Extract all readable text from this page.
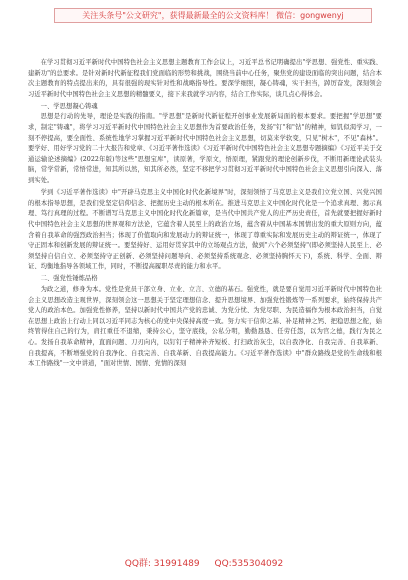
关注头条号"公文研究"，获得最新最全的公文资料库！ 微信：gongwenyj

在学习贯彻习近平新时代中国特色社会主义思想主题教育工作会议上，习近平总书记明确提出"学思想、强党性、重实践、建新功"的总要求。是针对新时代新征程我们党面临的形势和挑战，围绕当前中心任务，聚焦党的建设面临的突出问题，结合本次主题教育的特点提出来的，具有很强的现实针对性和战略指导性。要深学细照，凝心铸魂，实干担当，踔厉奋发，深刻领会习近平新时代中国特色社会主义思想的精髓要义，接下来我就学习内容，结合工作实际，谈几点心得体会。

一、学思想凝心铸魂

思想是行动的先导，理论是实践的指南。"学思想"是新时代新征程开创事业发展新局面的根本要求。要把握"学思想"要求，制定"铸魂"，将学习习近平新时代中国特色社会主义思想作为首要政治任务，发扬"钉"和"钻"的精神，如饥似渴学习，一刻不停提高，要全面性、系统性地学习掌握习近平新时代中国特色社会主义思想，切莫来学软变，只见"树木"，不见"森林"。要学好、用好学习党的二十大报告和党章、《习近平著作选读》《习近平新时代中国特色社会主义思想专题摘编》《习近平关于交通运输论述摘编》(2022年版)等这些"思想宝库"，读原著，学原文，悟原理，紧跟党的理论创新步伐，不断用新理论武装头脑，常学常新，常悟常进，知其所以然，知其所必然，坚定不移把学习贯彻习近平新时代中国特色社会主义思想引向深入、落到实处。

学到《习近平著作选读》中"开辟马克思主义中国化时代化新境界"时，深刻领悟了马克思主义是我们立党立国、兴党兴国的根本指导思想，是我们党坚定信仰信念、把握历史主动的根本所在。推进马克思主义中国化时代化是一个追求真理、揭示真理、笃行真理的过程。不断谱写马克思主义中国化时代化新篇章，是当代中国共产党人的庄严历史责任，首先就要把握好新时代中国特色社会主义思想的世界观和方法论，它蕴含着人民至上的政治立场，蕴含着从中国基本国情出发的重大原则方向，蕴含着自我革命的强烈政治担当；体现了价值取向和发展动力的辩证统一，体现了尊重实际和发展历史主动的辩证统一，体现了守正固本和创新发展的辩证统一。要坚持好、运用好贯穿其中的立场观点方法，做到"六个必须坚持"(即必须坚持人民至上、必须坚持自信自立、必须坚持守正创新、必须坚持问题导向、必须坚持系统观念、必须坚持胸怀天下)，系统、科学、全面、辩证、均衡地指导各领域工作，同时，不断提高履职尽责的能力和水平。

二、强党性锤炼品格

为政之道，修身为本。党性是党员干部立身、立业、立言、立德的基石。强党性，就是要自觉用习近平新时代中国特色社会主义思想改造主观世界，深刻领会这一思想关于坚定理想信念、提升思想境界、加强党性锻炼等一系列要求，始终保持共产党人的政治本色。加强党性修养，坚持以新时代中国共产党的忠诚、为党分忧、为党尽职、为民造福作为根本政治担当，自觉在思想上政治上行动上同以习近平同志为核心的党中央保持高度一致。努力实干信仰之基、补足精神之钙、把稳思想之舵，始终管得住自己的行为，肩扛重任不退缩，秉持公心，坚守底线，公私分明，勤勤恳恳、任劳任怨，以为官之德，践行为民之心。发扬自我革命精神，直面问题、刀刃向内，以钉钉子精神补齐短板、打扫政治灰尘，以自我净化、自我完善、自我革新、自我提高，不断增强党的自我净化、自我完善、自我革新、自我提高能力。《习近平著作选读》中"群众路线是党的生命线和根本工作路线"一文中讲道，"面对世情、国情、党情的深刻

QQ群: 31991489 QQ:535304092
